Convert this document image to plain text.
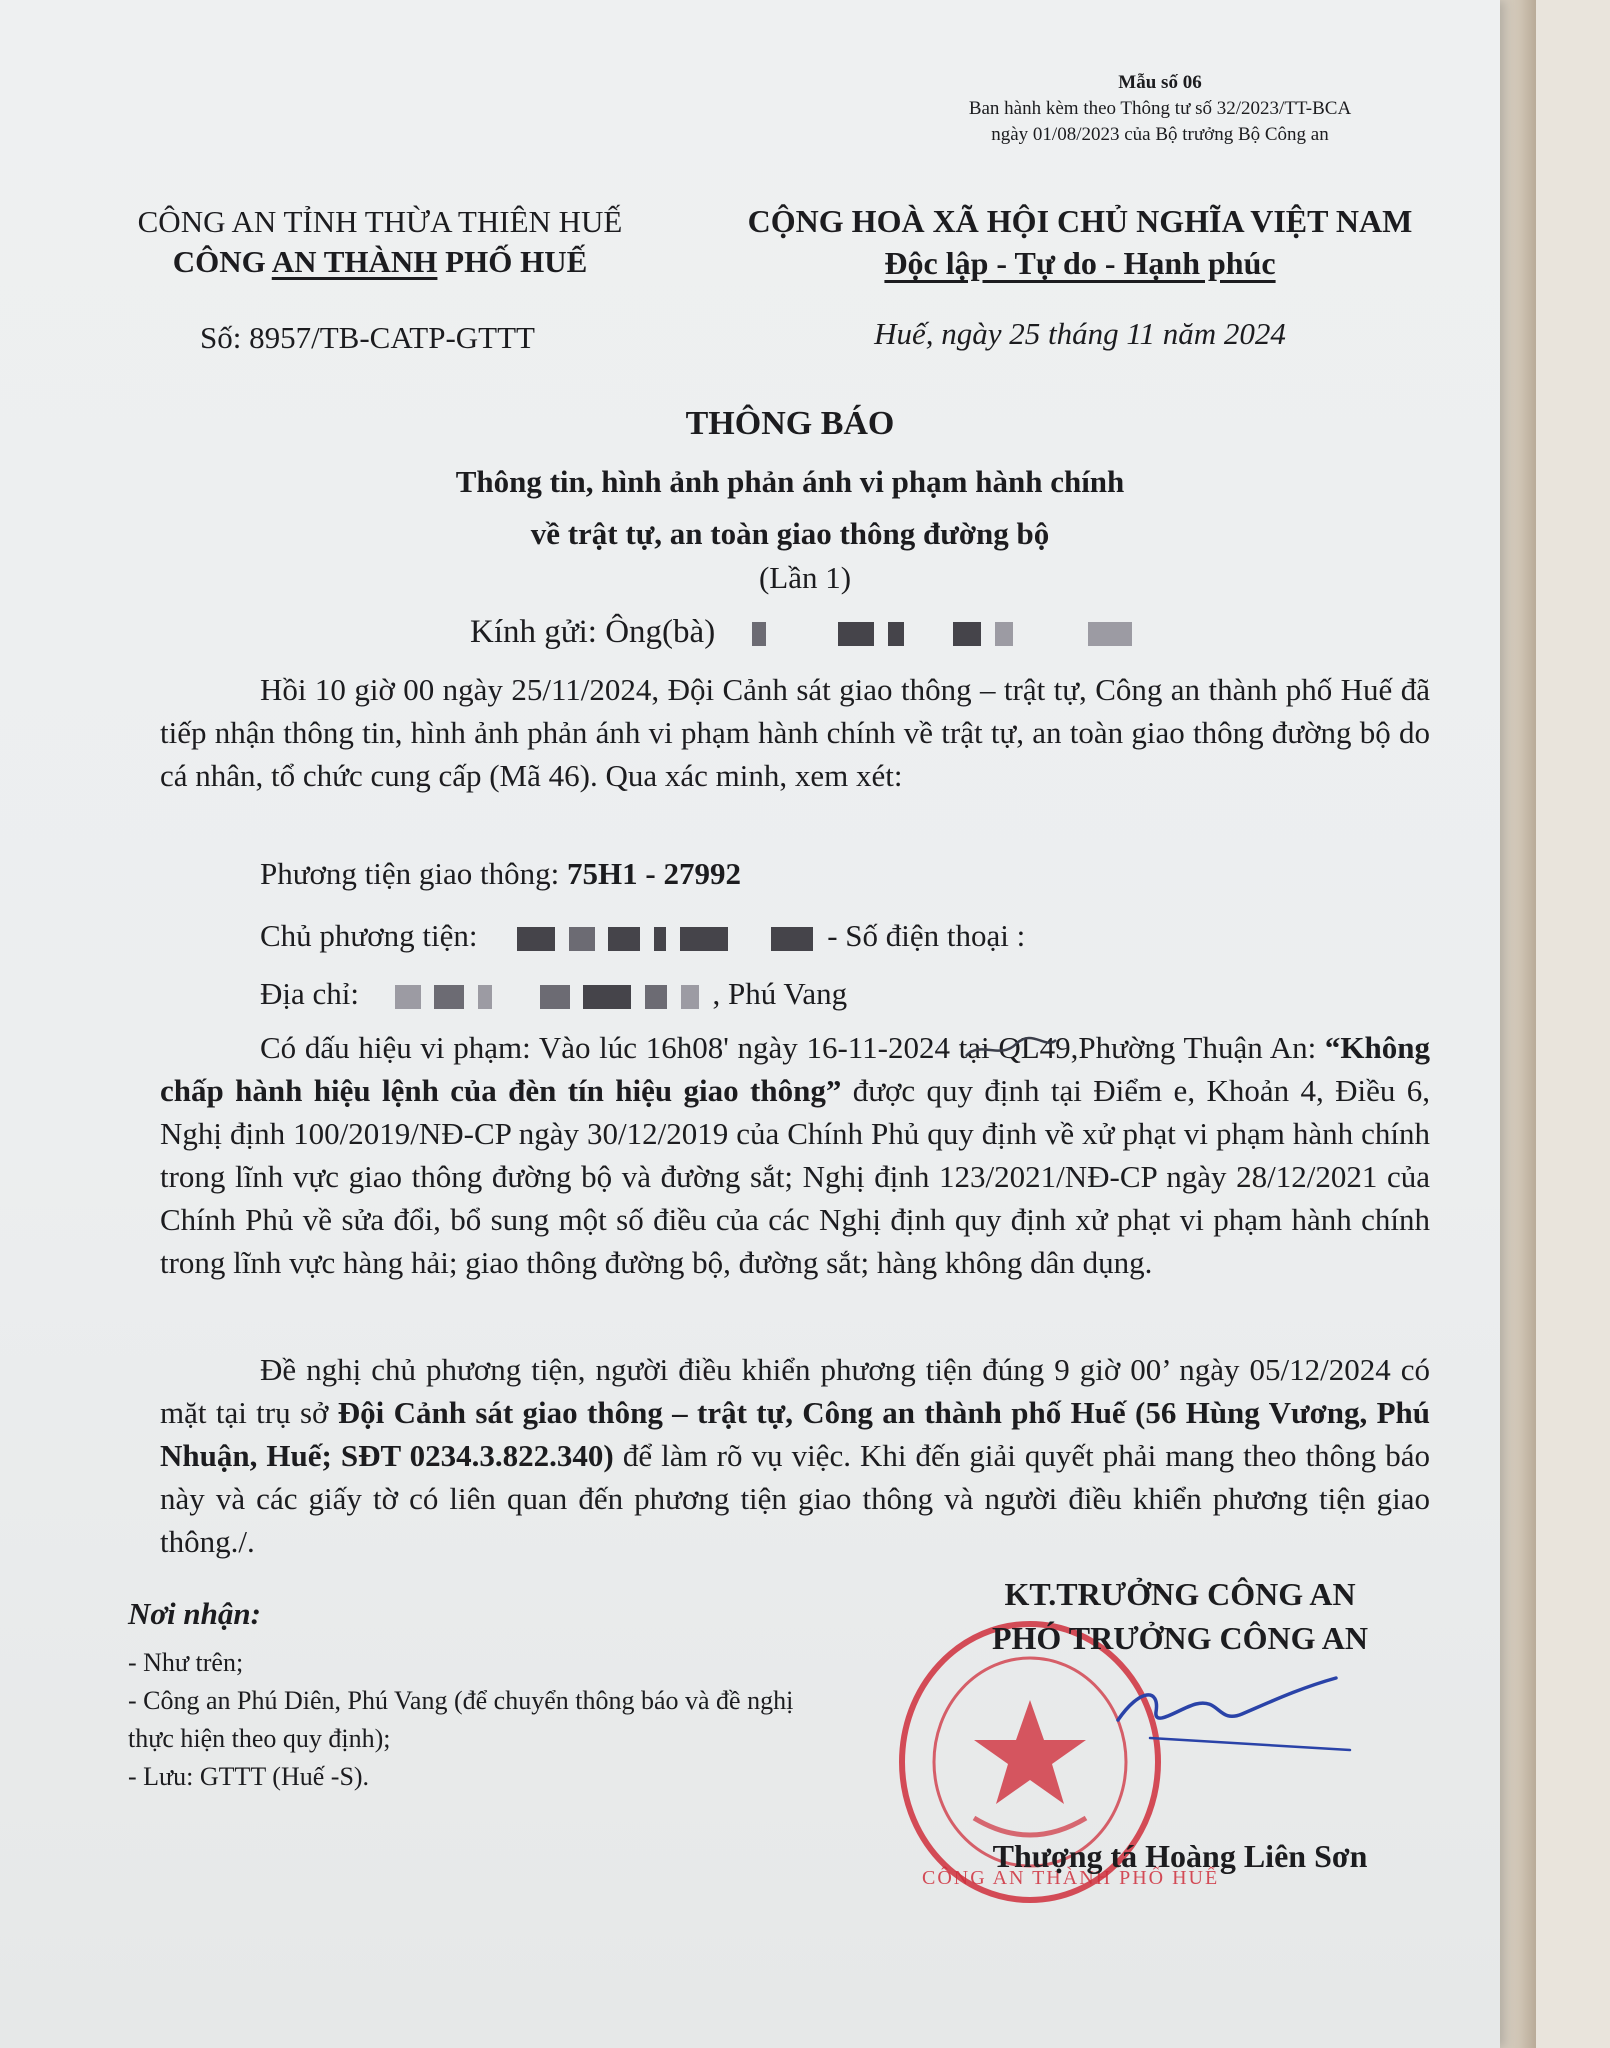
Mẫu số 06
Ban hành kèm theo Thông tư số 32/2023/TT-BCA
ngày 01/08/2023 của Bộ trưởng Bộ Công an
CÔNG AN TỈNH THỪA THIÊN HUẾ
CÔNG AN THÀNH PHỐ HUẾ
CỘNG HOÀ XÃ HỘI CHỦ NGHĨA VIỆT NAM
Độc lập - Tự do - Hạnh phúc
Số: 8957/TB-CATP-GTTT	Huế, ngày 25 tháng 11 năm 2024
THÔNG BÁO
Thông tin, hình ảnh phản ánh vi phạm hành chính
về trật tự, an toàn giao thông đường bộ
(Lần 1)
Kính gửi: Ông(bà)
Hồi 10 giờ 00 ngày 25/11/2024, Đội Cảnh sát giao thông – trật tự, Công an thành phố Huế đã tiếp nhận thông tin, hình ảnh phản ánh vi phạm hành chính về trật tự, an toàn giao thông đường bộ do cá nhân, tổ chức cung cấp (Mã 46). Qua xác minh, xem xét:
Phương tiện giao thông: 75H1 - 27992
Chủ phương tiện:	- Số điện thoại :
Địa chỉ:	, Phú Vang
Có dấu hiệu vi phạm: Vào lúc 16h08' ngày 16-11-2024 tại QL49,Phường Thuận An: “Không chấp hành hiệu lệnh của đèn tín hiệu giao thông” được quy định tại Điểm e, Khoản 4, Điều 6, Nghị định 100/2019/NĐ-CP ngày 30/12/2019 của Chính Phủ quy định về xử phạt vi phạm hành chính trong lĩnh vực giao thông đường bộ và đường sắt; Nghị định 123/2021/NĐ-CP ngày 28/12/2021 của Chính Phủ về sửa đổi, bổ sung một số điều của các Nghị định quy định xử phạt vi phạm hành chính trong lĩnh vực hàng hải; giao thông đường bộ, đường sắt; hàng không dân dụng.
Đề nghị chủ phương tiện, người điều khiển phương tiện đúng 9 giờ 00’ ngày 05/12/2024 có mặt tại trụ sở Đội Cảnh sát giao thông – trật tự, Công an thành phố Huế (56 Hùng Vương, Phú Nhuận, Huế; SĐT 0234.3.822.340) để làm rõ vụ việc. Khi đến giải quyết phải mang theo thông báo này và các giấy tờ có liên quan đến phương tiện giao thông và người điều khiển phương tiện giao thông./.
Nơi nhận:
- Như trên;
- Công an Phú Diên, Phú Vang (để chuyển thông báo và đề nghị thực hiện theo quy định);
- Lưu: GTTT (Huế -S).
CÔNG AN THÀNH PHỐ HUẾ
KT.TRƯỞNG CÔNG AN
PHÓ TRƯỞNG CÔNG AN
Thượng tá Hoàng Liên Sơn
